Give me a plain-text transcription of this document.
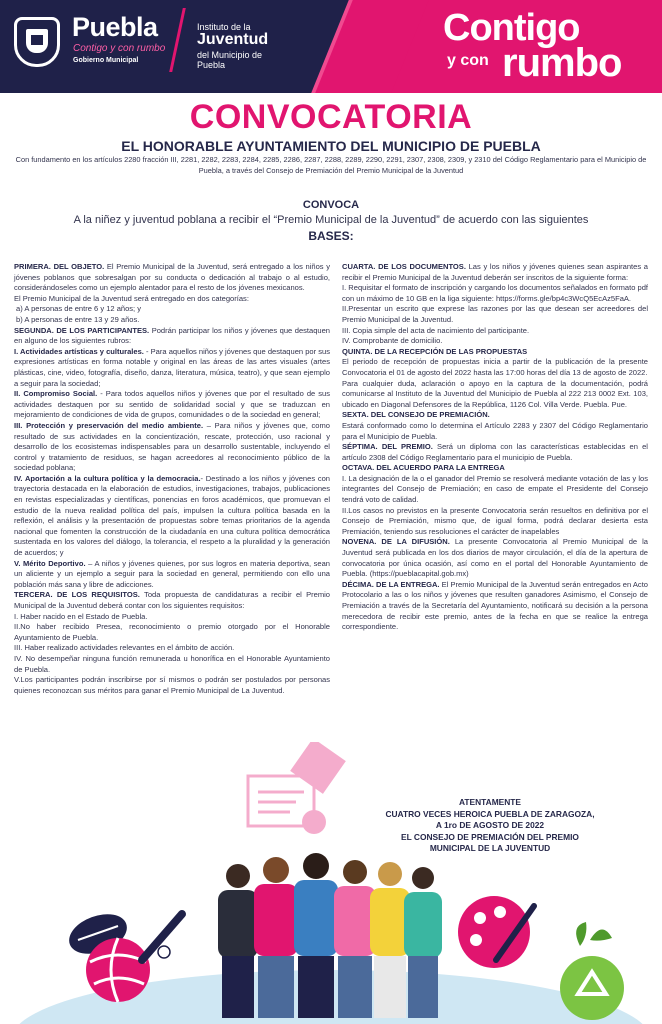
Puebla
Contigo y con rumbo
Gobierno Municipal
Instituto de la
Juventud
del Municipio de
Puebla
Contigo
y con rumbo
CONVOCATORIA
EL HONORABLE AYUNTAMIENTO DEL MUNICIPIO DE PUEBLA
Con fundamento en los artículos 2280 fracción III, 2281, 2282, 2283, 2284, 2285, 2286, 2287, 2288, 2289, 2290, 2291, 2307, 2308, 2309, y 2310 del Código Reglamentario para el Municipio de Puebla, a través del Consejo de Premiación del Premio Municipal de la Juventud
CONVOCA
A la niñez y juventud poblana a recibir el “Premio Municipal de la Juventud” de acuerdo con las siguientes
BASES:

PRIMERA. DEL OBJETO. El Premio Municipal de la Juventud, será entregado a los niños y jóvenes poblanos que sobresalgan por su conducta o dedicación al trabajo o al estudio, considerándoseles como un ejemplo alentador para el resto de los jóvenes mexicanos.

El Premio Municipal de la Juventud será entregado en dos categorías:

a) A personas de entre 6 y 12 años; y

b) A personas de entre 13 y 29 años.

SEGUNDA. DE LOS PARTICIPANTES. Podrán participar los niños y jóvenes que destaquen en alguno de los siguientes rubros:

I. Actividades artísticas y culturales. - Para aquellos niños y jóvenes que destaquen por sus expresiones artísticas en forma notable y original en las áreas de las artes visuales (artes plásticas, cine, video, fotografía, diseño, danza, literatura, música, teatro), y que sean ejemplo a seguir para la sociedad;

II. Compromiso Social. - Para todos aquellos niños y jóvenes que por el resultado de sus actividades destaquen por su sentido de solidaridad social y que se traduzcan en mejoramiento de condiciones de vida de grupos, comunidades o de la sociedad en general;

III. Protección y preservación del medio ambiente. – Para niños y jóvenes que, como resultado de sus actividades en la concientización, rescate, protección, uso racional y desarrollo de los ecosistemas indispensables para un desarrollo sustentable, incluyendo el control y tratamiento de residuos, se hagan acreedores al reconocimiento público de la sociedad poblana;

IV. Aportación a la cultura política y la democracia.- Destinado a los niños y jóvenes con trayectoria destacada en la elaboración de estudios, investigaciones, trabajos, publicaciones en revistas especializadas y científicas, ponencias en foros académicos, que promuevan el estudio de la nueva realidad política del país, impulsen la cultura política basada en la reflexión, el análisis y la presentación de propuestas sobre temas prioritarios de la agenda nacional que fomenten la construcción de la ciudadanía en una cultura política democrática sustentada en los valores del diálogo, la tolerancia, el respeto a la pluralidad y la generación de acuerdos; y

V. Mérito Deportivo. – A niños y jóvenes quienes, por sus logros en materia deportiva, sean un aliciente y un ejemplo a seguir para la sociedad en general, permitiendo con ello una población más sana y libre de adicciones.

TERCERA. DE LOS REQUISITOS. Toda propuesta de candidaturas a recibir el Premio Municipal de la Juventud deberá contar con los siguientes requisitos:

I. Haber nacido en el Estado de Puebla.

II.No haber recibido Presea, reconocimiento o premio otorgado por el Honorable Ayuntamiento de Puebla.

III. Haber realizado actividades relevantes en el ámbito de acción.

IV. No desempeñar ninguna función remunerada u honorífica en el Honorable Ayuntamiento de Puebla.

V.Los participantes podrán inscribirse por sí mismos o podrán ser postulados por personas quienes reconozcan sus méritos para ganar el Premio Municipal de La Juventud.

CUARTA. DE LOS DOCUMENTOS. Las y los niños y jóvenes quienes sean aspirantes a recibir el Premio Municipal de la Juventud deberán ser inscritos de la siguiente forma:

I. Requisitar el formato de inscripción y cargando los documentos señalados en formato pdf con un máximo de 10 GB en la liga siguiente: https://forms.gle/bp4c3WcQ5EcAz5FaA.

II.Presentar un escrito que exprese las razones por las que desean ser acreedores del Premio Municipal de la Juventud.

III. Copia simple del acta de nacimiento del participante.

IV. Comprobante de domicilio.

QUINTA. DE LA RECEPCIÓN DE LAS PROPUESTAS

El periodo de recepción de propuestas inicia a partir de la publicación de la presente Convocatoria el 01 de agosto del 2022 hasta las 17:00 horas del día 13 de agosto de 2022.

Para cualquier duda, aclaración o apoyo en la captura de la documentación, podrá comunicarse al Instituto de la Juventud del Municipio de Puebla al 222 213 0002 Ext. 103, ubicado en Diagonal Defensores de la República, 1126 Col. Villa Verde. Puebla. Pue.

SEXTA. DEL CONSEJO DE PREMIACIÓN.

Estará conformado como lo determina el Artículo 2283 y 2307 del Código Reglamentario para el Municipio de Puebla.

SÉPTIMA. DEL PREMIO. Será un diploma con las características establecidas en el artículo 2308 del Código Reglamentario para el municipio de Puebla.

OCTAVA. DEL ACUERDO PARA LA ENTREGA

I. La designación de la o el ganador del Premio se resolverá mediante votación de las y los integrantes del Consejo de Premiación; en caso de empate el Presidente del Consejo tendrá voto de calidad.

II.Los casos no previstos en la presente Convocatoria serán resueltos en definitiva por el Consejo de Premiación, mismo que, de igual forma, podrá declarar desierta esta Premiación, teniendo sus resoluciones el carácter de inapelables

NOVENA. DE LA DIFUSIÓN. La presente Convocatoria al Premio Municipal de la Juventud será publicada en los dos diarios de mayor circulación, el día de la apertura de convocatoria por única ocasión, así como en el portal del Honorable Ayuntamiento de Puebla. (https://pueblacapital.gob.mx)

DÉCIMA. DE LA ENTREGA. El Premio Municipal de la Juventud serán entregados en Acto Protocolario a las o los niños y jóvenes que resulten ganadores Asimismo, el Consejo de Premiación a través de la Secretaría del Ayuntamiento, notificará su decisión a la persona merecedora de recibir este premio, antes de la fecha en que se realice la entrega correspondiente.

ATENTAMENTE
CUATRO VECES HEROICA PUEBLA DE ZARAGOZA,
A 1ro DE AGOSTO DE 2022
EL CONSEJO DE PREMIACIÓN DEL PREMIO
MUNICIPAL DE LA JUVENTUD
